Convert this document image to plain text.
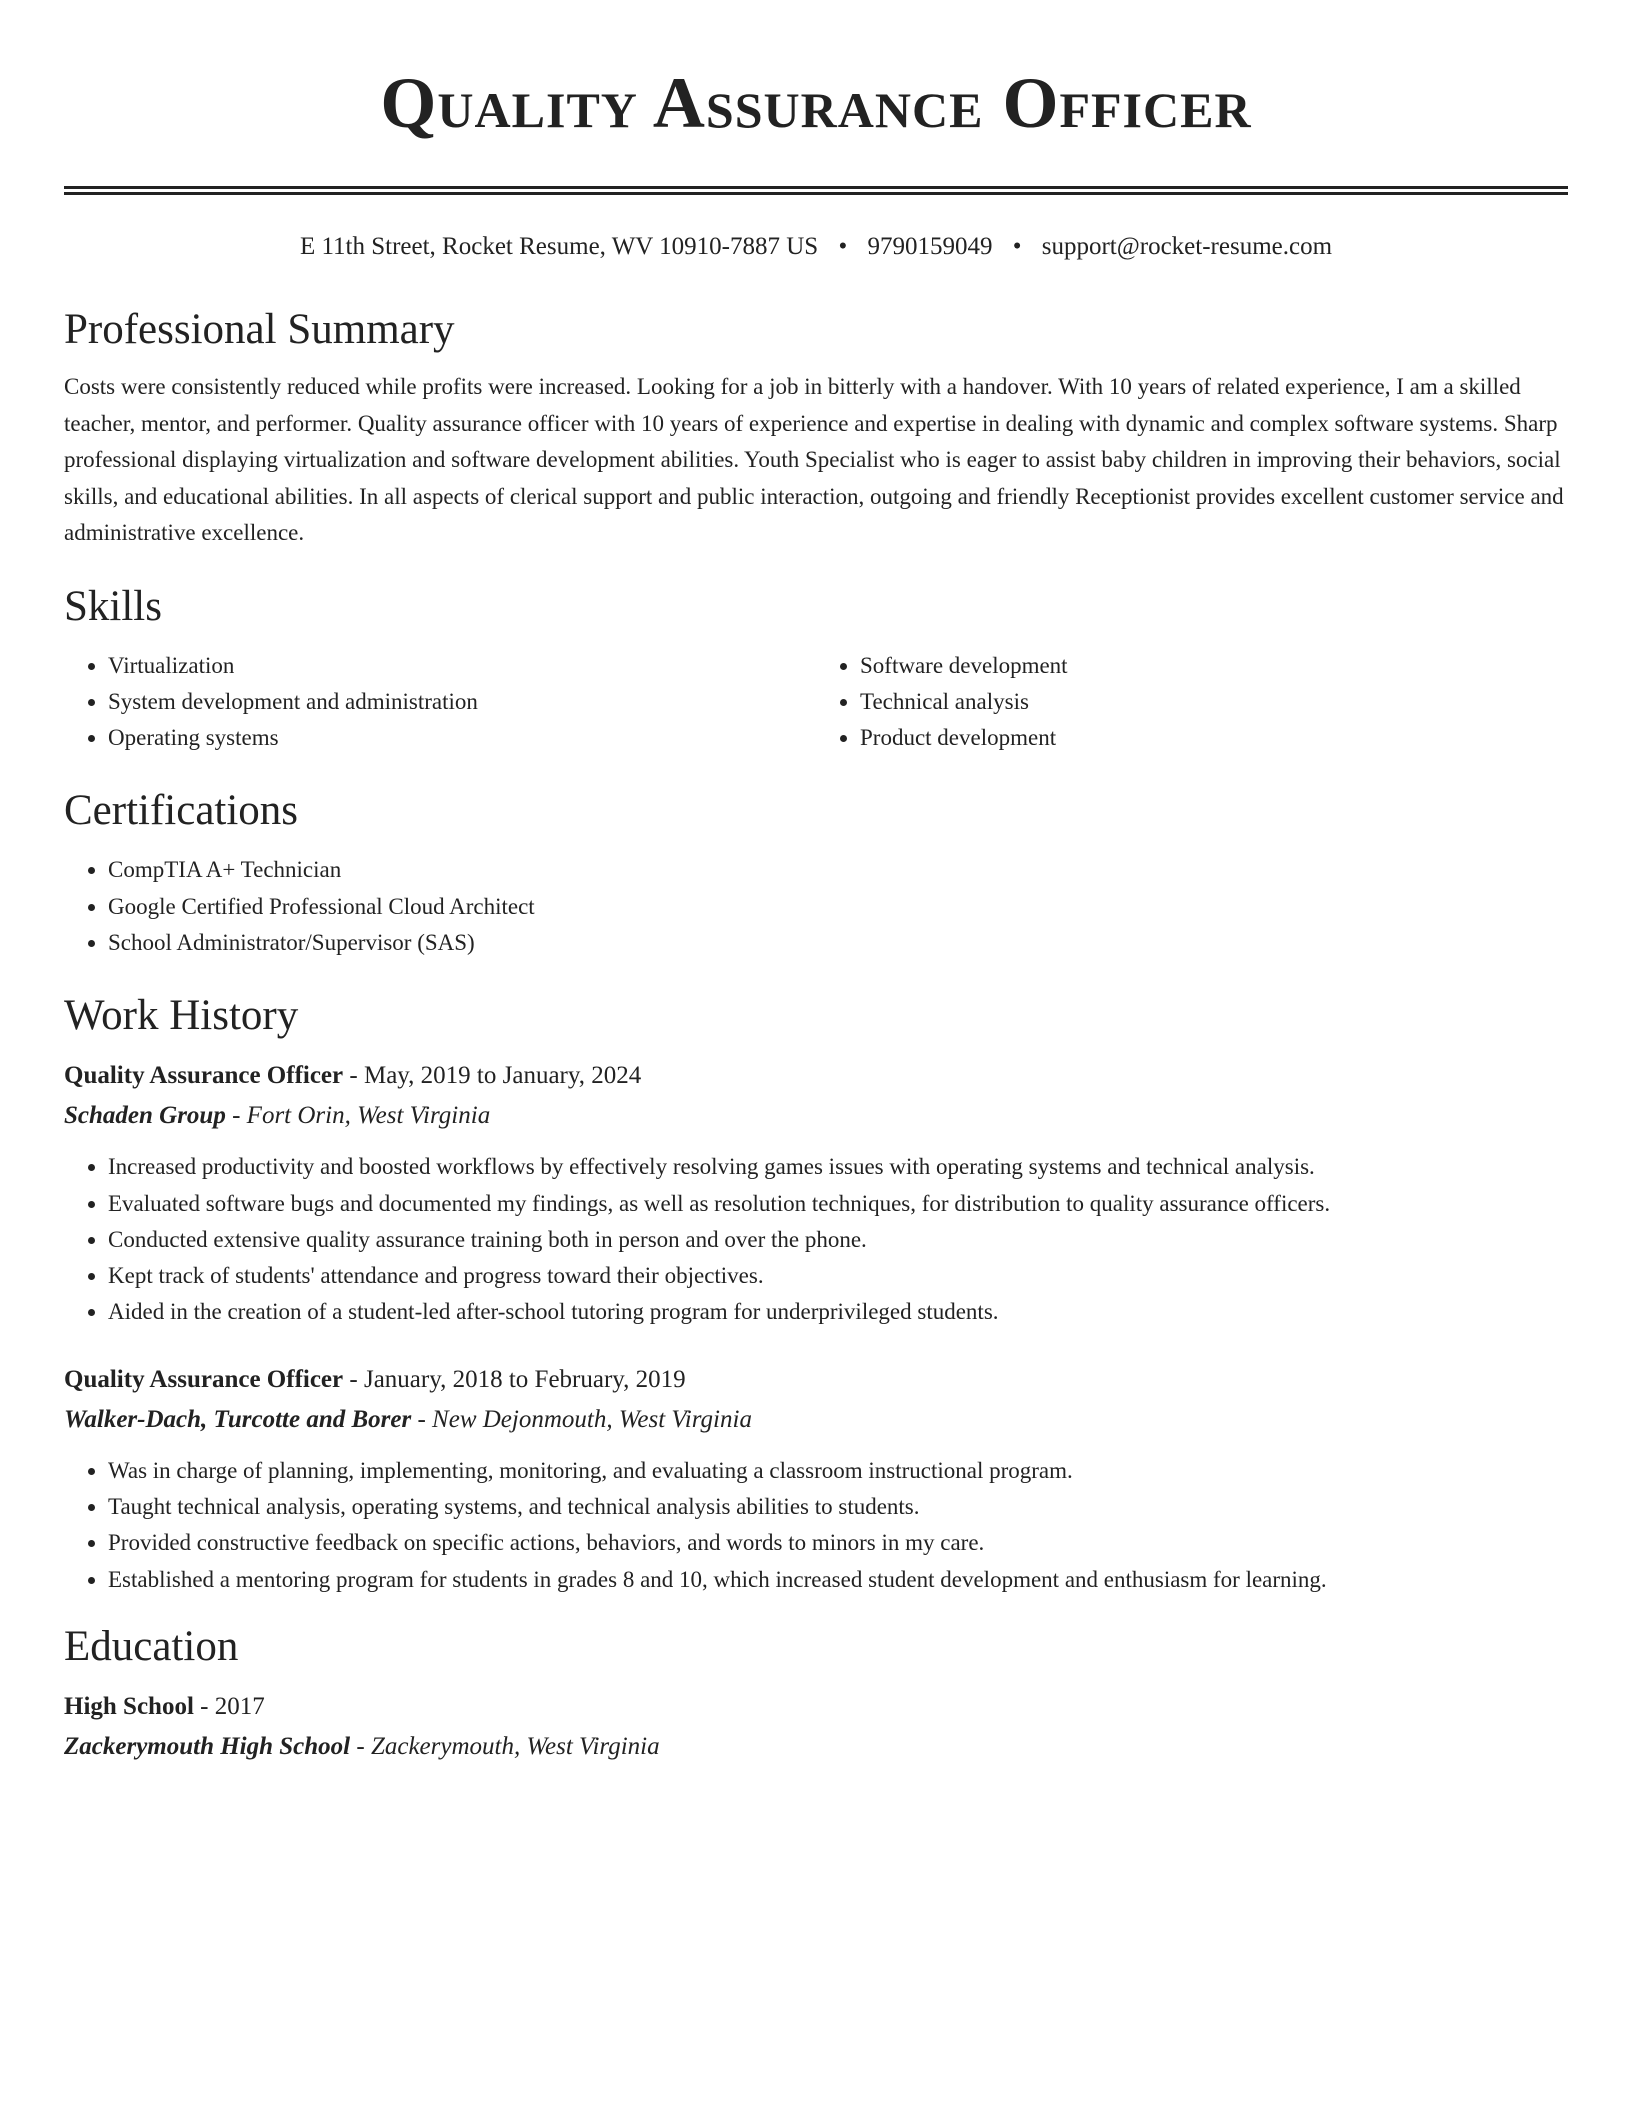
Quality Assurance Officer
E 11th Street, Rocket Resume, WV 10910-7887 US • 9790159049 • support@rocket-resume.com
Professional Summary

Costs were consistently reduced while profits were increased. Looking for a job in bitterly with a handover. With 10 years of related experience, I am a skilled teacher, mentor, and performer. Quality assurance officer with 10 years of experience and expertise in dealing with dynamic and complex software systems. Sharp professional displaying virtualization and software development abilities. Youth Specialist who is eager to assist baby children in improving their behaviors, social skills, and educational abilities. In all aspects of clerical support and public interaction, outgoing and friendly Receptionist provides excellent customer service and administrative excellence.

Skills
• Virtualization
• System development and administration
• Operating systems
• Software development
• Technical analysis
• Product development
Certifications
• CompTIA A+ Technician
• Google Certified Professional Cloud Architect
• School Administrator/Supervisor (SAS)
Work History

Quality Assurance Officer - May, 2019 to January, 2024

Schaden Group - Fort Orin, West Virginia

• Increased productivity and boosted workflows by effectively resolving games issues with operating systems and technical analysis.
• Evaluated software bugs and documented my findings, as well as resolution techniques, for distribution to quality assurance officers.
• Conducted extensive quality assurance training both in person and over the phone.
• Kept track of students' attendance and progress toward their objectives.
• Aided in the creation of a student-led after-school tutoring program for underprivileged students.

Quality Assurance Officer - January, 2018 to February, 2019

Walker-Dach, Turcotte and Borer - New Dejonmouth, West Virginia

• Was in charge of planning, implementing, monitoring, and evaluating a classroom instructional program.
• Taught technical analysis, operating systems, and technical analysis abilities to students.
• Provided constructive feedback on specific actions, behaviors, and words to minors in my care.
• Established a mentoring program for students in grades 8 and 10, which increased student development and enthusiasm for learning.
Education

High School - 2017

Zackerymouth High School - Zackerymouth, West Virginia
